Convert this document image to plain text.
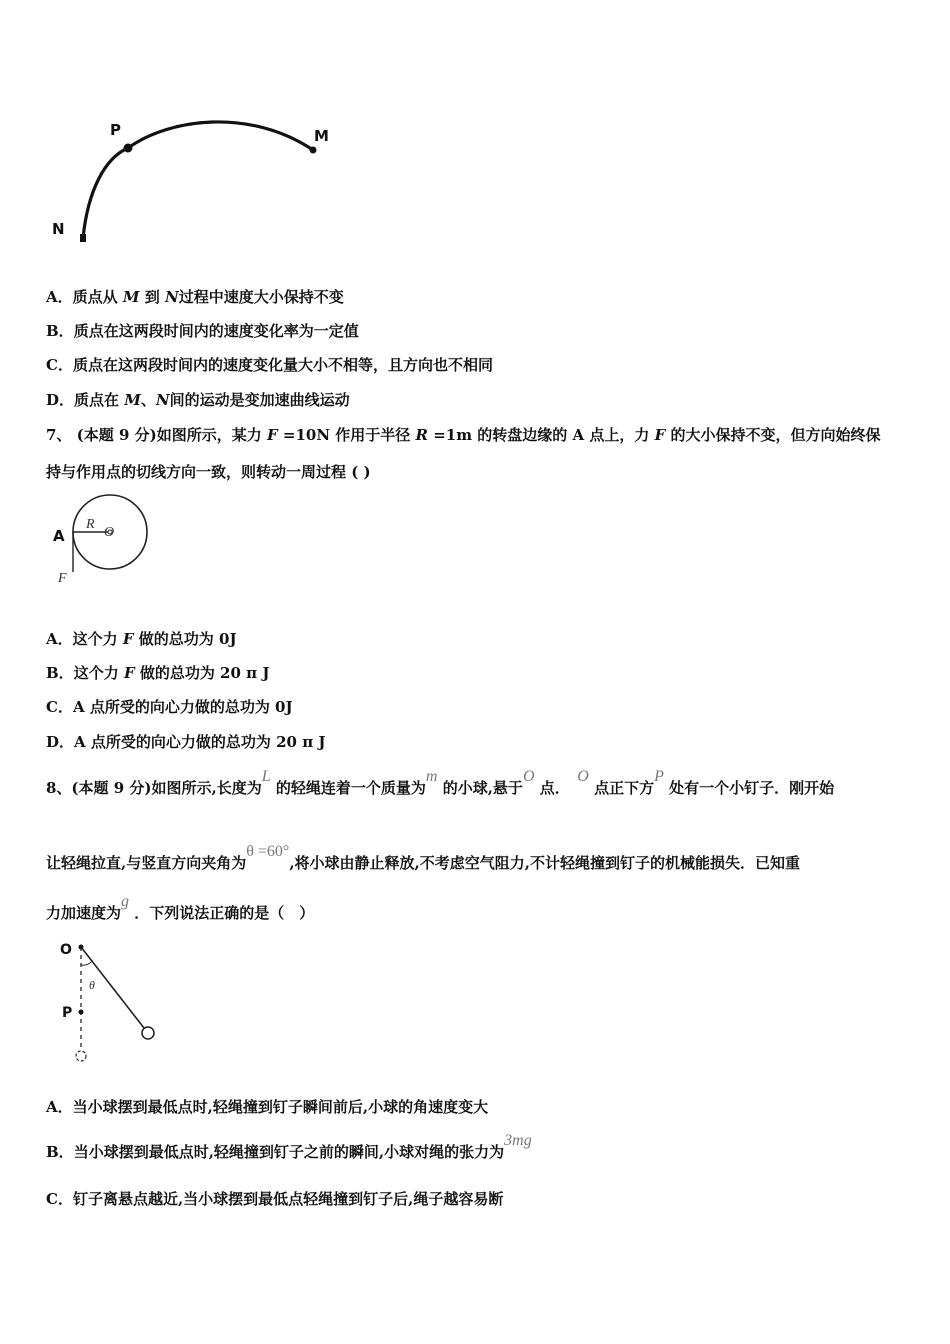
P	M
N
A．质点从 M 到 N过程中速度大小保持不变
B．质点在这两段时间内的速度变化率为一定值
C．质点在这两段时间内的速度变化量大小不相等，且方向也不相同
D．质点在 M、N间的运动是变加速曲线运动
7、 (本题 9 分)如图所示，某力 F =10N 作用于半径 R =1m 的转盘边缘的 A 点上，力 F 的大小保持不变，但方向始终保
持与作用点的切线方向一致，则转动一周过程 ( )
A
R
O
F
A．这个力 F 做的总功为 0J
B．这个力 F 做的总功为 20 π J
C．A 点所受的向心力做的总功为 0J
D．A 点所受的向心力做的总功为 20 π J
8、(本题 9 分)如图所示,长度为L 的轻绳连着一个质量为m 的小球,悬于O 点．　O 点正下方P 处有一个小钉子．刚开始
让轻绳拉直,与竖直方向夹角为θ =60°,将小球由静止释放,不考虑空气阻力,不计轻绳撞到钉子的机械能损失．已知重
力加速度为g ．下列说法正确的是（　）
O
P
θ
A．当小球摆到最低点时,轻绳撞到钉子瞬间前后,小球的角速度变大
B．当小球摆到最低点时,轻绳撞到钉子之前的瞬间,小球对绳的张力为3mg
C．钉子离悬点越近,当小球摆到最低点轻绳撞到钉子后,绳子越容易断
